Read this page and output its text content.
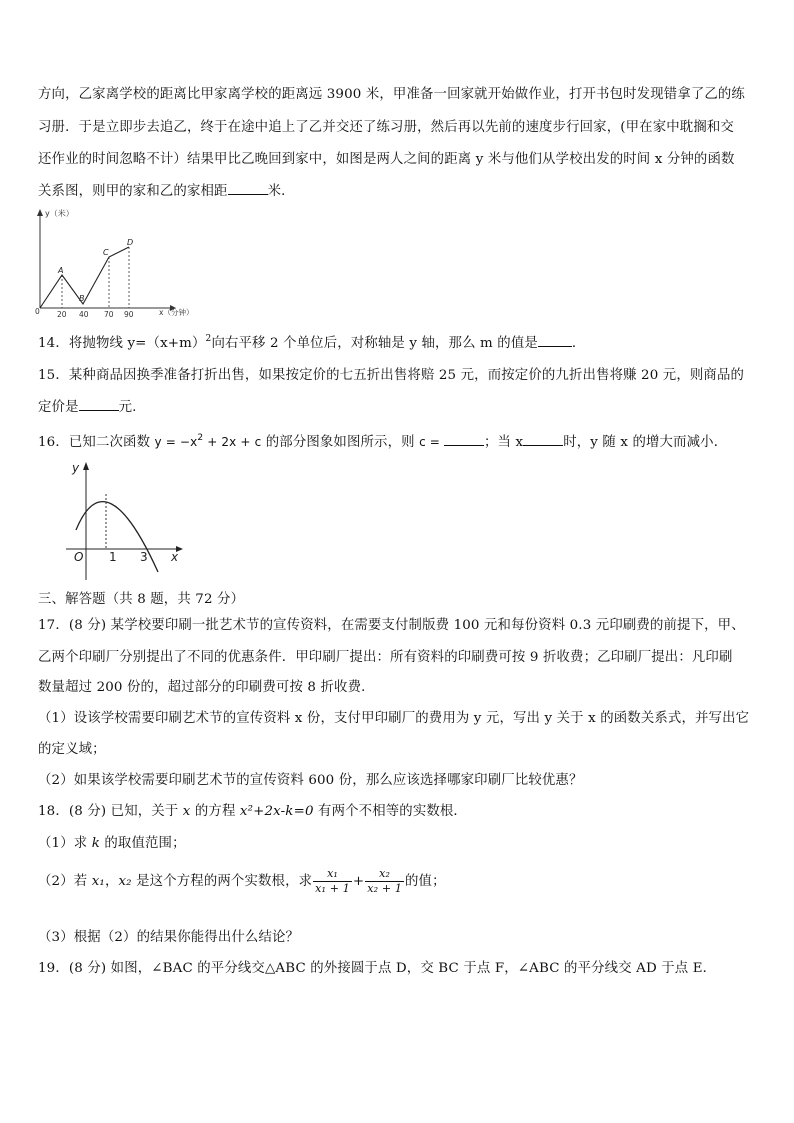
方向，乙家离学校的距离比甲家离学校的距离远 3900 米，甲准备一回家就开始做作业，打开书包时发现错拿了乙的练
习册．于是立即步去追乙，终于在途中追上了乙并交还了练习册，然后再以先前的速度步行回家，(甲在家中耽搁和交
还作业的时间忽略不计）结果甲比乙晚回到家中，如图是两人之间的距离 y 米与他们从学校出发的时间 x 分钟的函数
关系图，则甲的家和乙的家相距	米．
y（米）
x（分钟）
0
A
B
C
D
20 40 70 90
14．将抛物线 $y=(x+m)^2$向右平移 2 个单位后，对称轴是 y 轴，那么 m 的值是	．
15．某种商品因换季准备打折出售，如果按定价的七五折出售将赔 25 元，而按定价的九折出售将赚 20 元，则商品的
定价是	元.
16．已知二次函数 $y = -x^2 + 2x + c$ 的部分图象如图所示，则 c =	；当 x	时，y 随 x 的增大而减小．
y
x
O 1 3
三、解答题（共 8 题，共 72 分）
17．(8 分) 某学校要印刷一批艺术节的宣传资料，在需要支付制版费 100 元和每份资料 0.3 元印刷费的前提下，甲、
乙两个印刷厂分别提出了不同的优惠条件．甲印刷厂提出：所有资料的印刷费可按 9 折收费；乙印刷厂提出：凡印刷
数量超过 200 份的，超过部分的印刷费可按 8 折收费．
（1）设该学校需要印刷艺术节的宣传资料 x 份，支付甲印刷厂的费用为 y 元，写出 y 关于 x 的函数关系式，并写出它
的定义域；
（2）如果该学校需要印刷艺术节的宣传资料 600 份，那么应该选择哪家印刷厂比较优惠？
18．(8 分) 已知，关于 x 的方程 x²+2x-k=0 有两个不相等的实数根．
（1）求 k 的取值范围；
（2）若 x₁，x₂ 是这个方程的两个实数根，求 $\frac{\text{x₁}}{\text{x₁ + 1}} + \frac{\text{x₂}}{\text{x₂ + 1}}$ 的值；
（3）根据（2）的结果你能得出什么结论？
19．(8 分) 如图，∠BAC 的平分线交△ABC 的外接圆于点 D，交 BC 于点 F，∠ABC 的平分线交 AD 于点 E．
